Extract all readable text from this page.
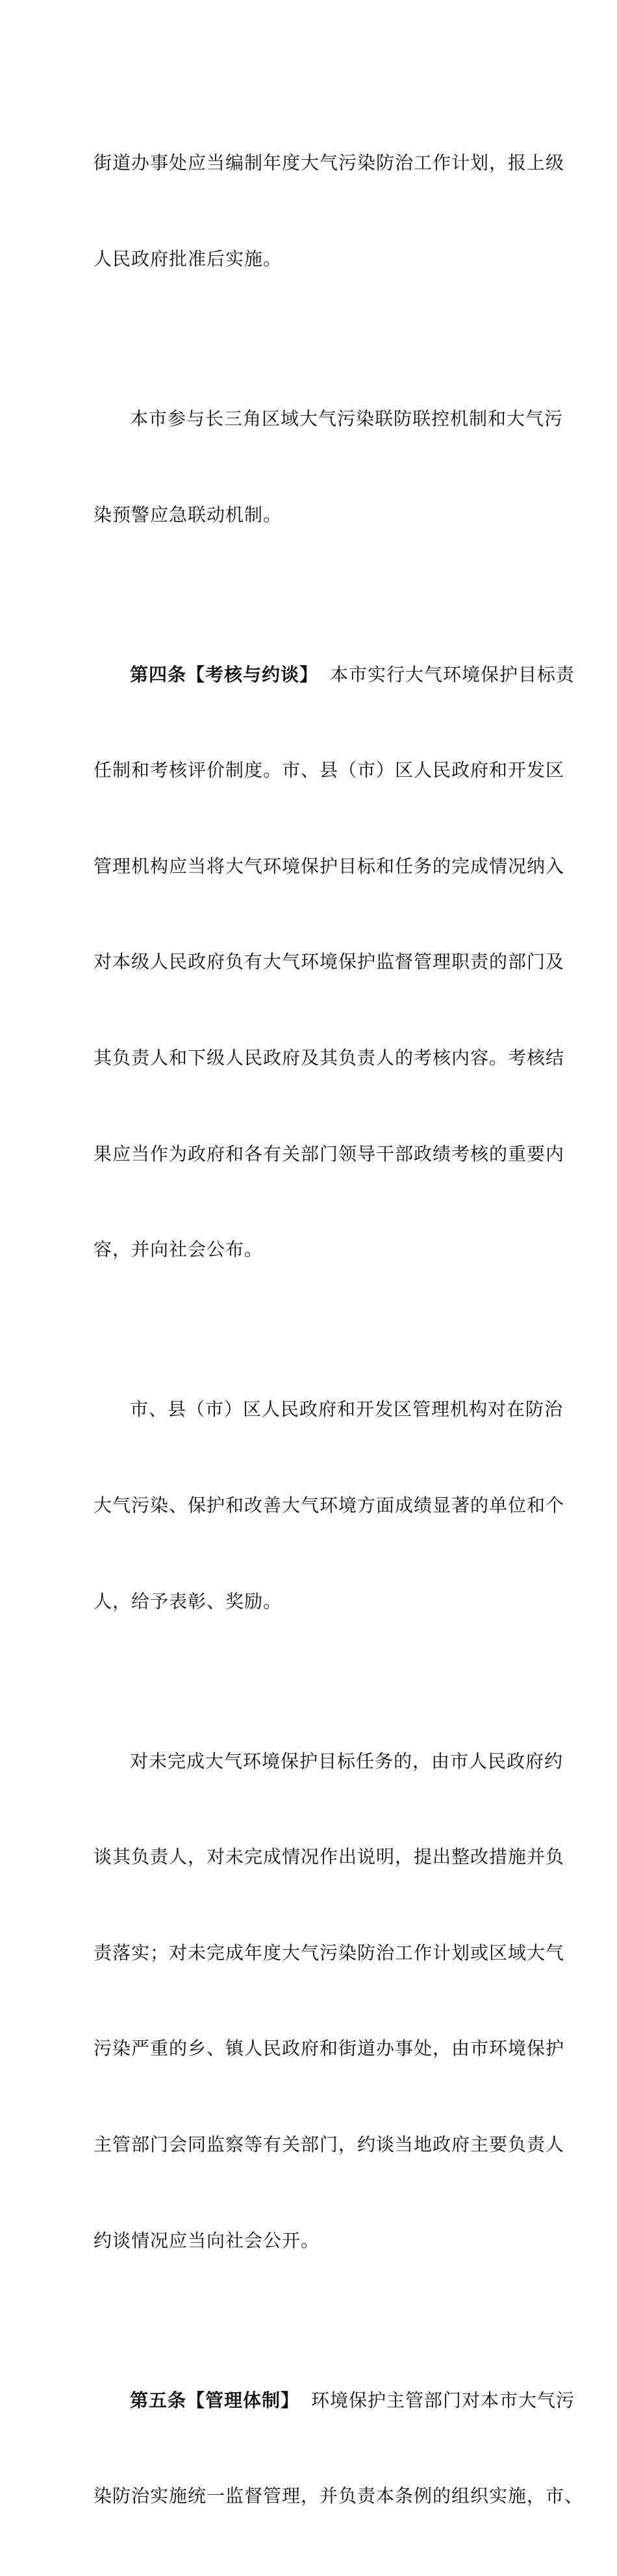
街道办事处应当编制年度大气污染防治工作计划，报上级

人民政府批准后实施。

本市参与长三角区域大气污染联防联控机制和大气污

染预警应急联动机制。

第四条【考核与约谈】 本市实行大气环境保护目标责

任制和考核评价制度。市、县（市）区人民政府和开发区

管理机构应当将大气环境保护目标和任务的完成情况纳入

对本级人民政府负有大气环境保护监督管理职责的部门及

其负责人和下级人民政府及其负责人的考核内容。考核结

果应当作为政府和各有关部门领导干部政绩考核的重要内

容，并向社会公布。

市、县（市）区人民政府和开发区管理机构对在防治

大气污染、保护和改善大气环境方面成绩显著的单位和个

人，给予表彰、奖励。

对未完成大气环境保护目标任务的，由市人民政府约

谈其负责人，对未完成情况作出说明，提出整改措施并负

责落实；对未完成年度大气污染防治工作计划或区域大气

污染严重的乡、镇人民政府和街道办事处，由市环境保护

主管部门会同监察等有关部门，约谈当地政府主要负责人

约谈情况应当向社会公开。

第五条【管理体制】 环境保护主管部门对本市大气污

染防治实施统一监督管理，并负责本条例的组织实施，市、
